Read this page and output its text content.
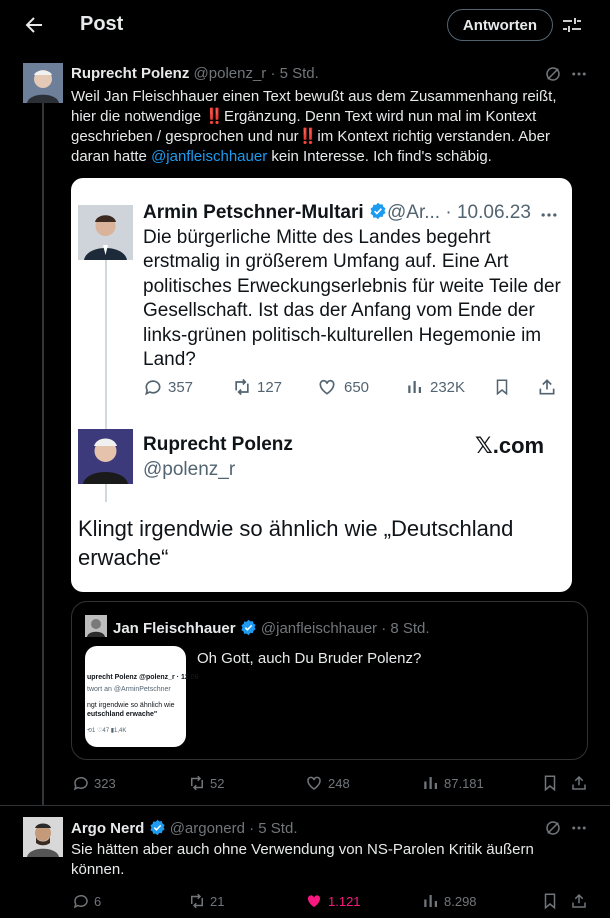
Post	Antworten
Ruprecht Polenz @polenz_r · 5 Std.
Weil Jan Fleischhauer einen Text bewußt aus dem Zusammenhang reißt,
hier die notwendige ‼️Ergänzung. Denn Text wird nun mal im Kontext
geschrieben / gesprochen und nur‼️im Kontext richtig verstanden. Aber
daran hatte @janfleischhauer kein Interesse. Ich find's schäbig.
Armin Petschner-Multari	@Ar... · 10.06.23
Die bürgerliche Mitte des Landes begehrt erstmalig in größerem Umfang auf. Eine Art politisches Erweckungserlebnis für weite Teile der Gesellschaft. Ist das der Anfang vom Ende der links-grünen politisch-kulturellen Hegemonie im Land?
357	127	650	232K
Ruprecht Polenz
@polenz_r
𝕏.com
Klingt irgendwie so ähnlich wie „Deutschland erwache“
Jan Fleischhauer @janfleischhauer · 8 Std.
uprecht Polenz @polenz_r · 12.06
twort an @ArminPetschner
ngt irgendwie so ähnlich wie
eutschland erwache"
⟲1 ♡47 ▮1,4K
Oh Gott, auch Du Bruder Polenz?
323	52	248	87.181
Argo Nerd @argonerd · 5 Std.
Sie hätten aber auch ohne Verwendung von NS-Parolen Kritik äußern
können.
6	21	1.121	8.298
